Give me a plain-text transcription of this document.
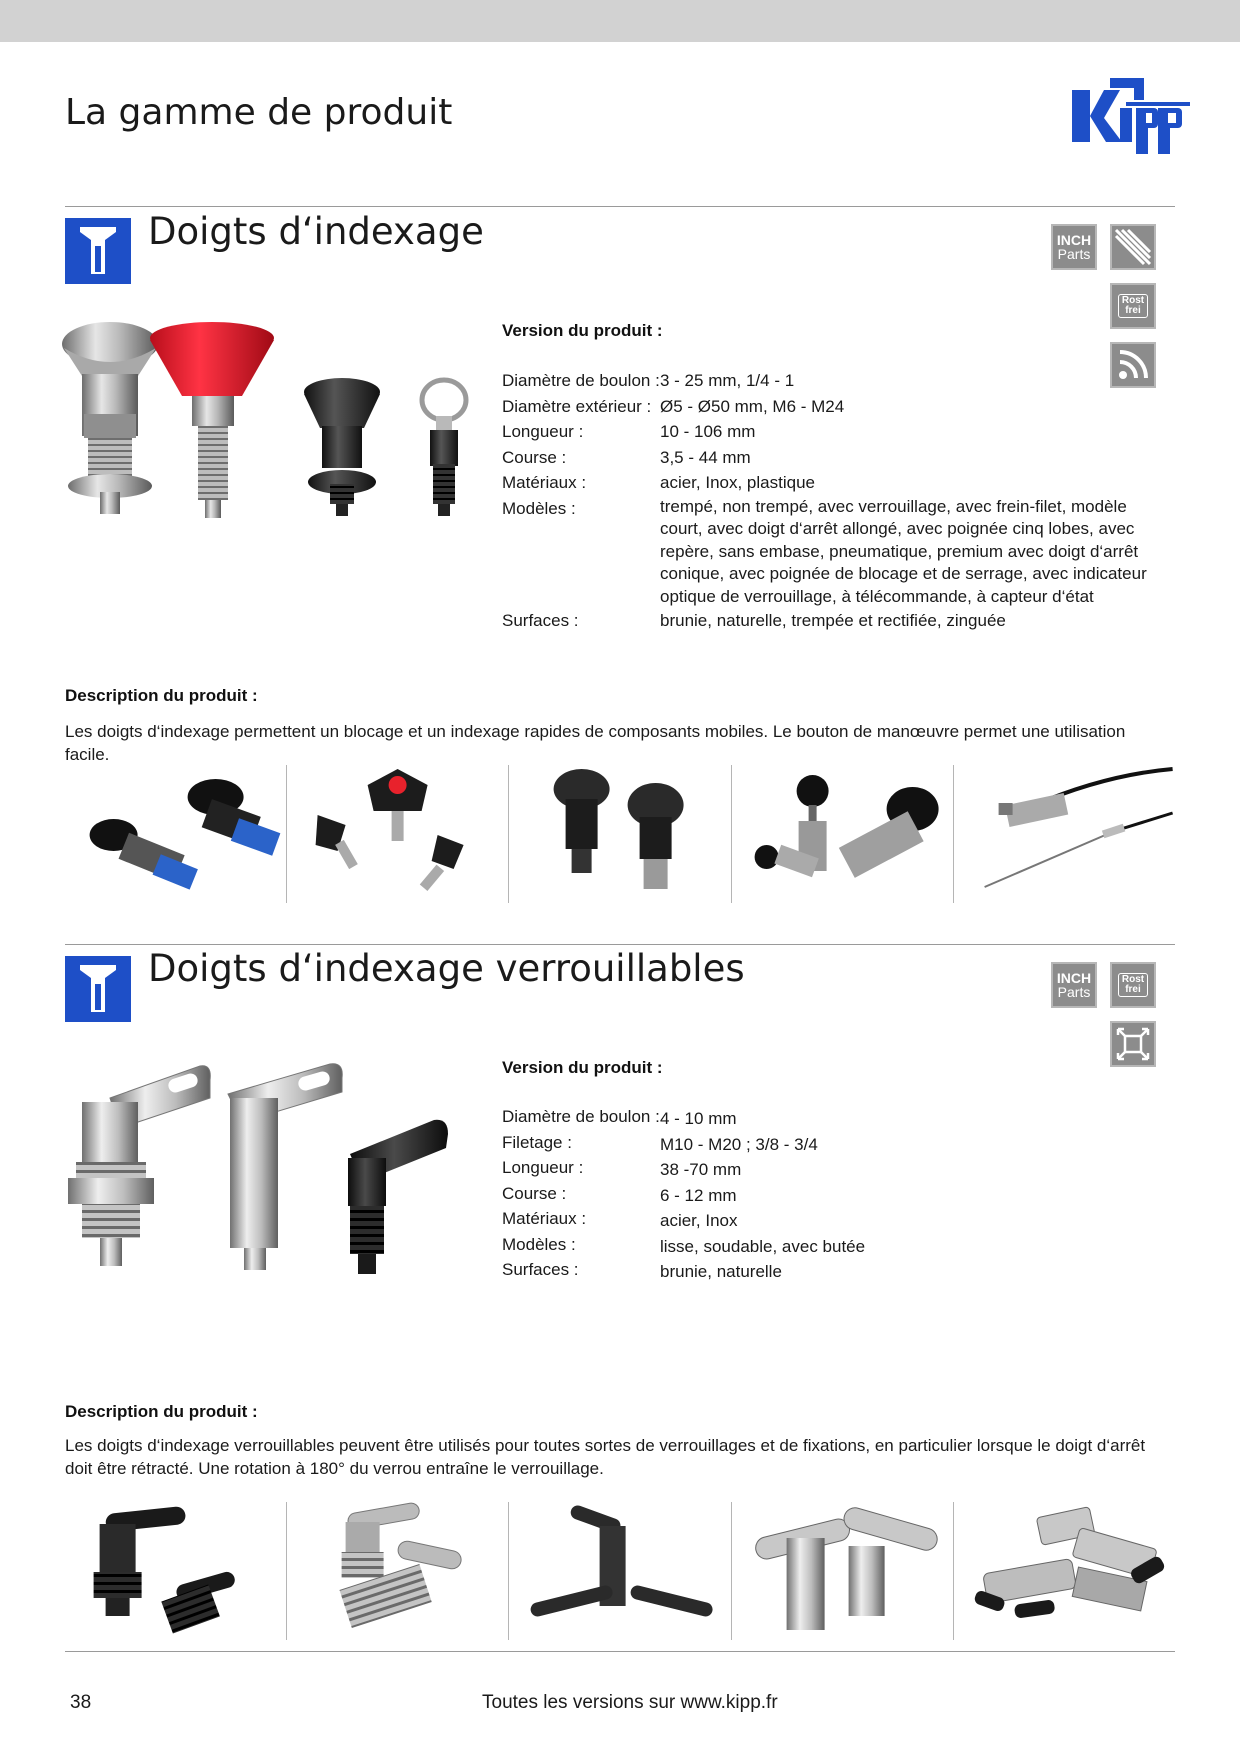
La gamme de produit
Doigts d‘indexage	INCH
Parts
Rost
frei
Version du produit :
Diamètre de boulon :	3 - 25 mm, 1/4 - 1
Diamètre extérieur :	Ø5 - Ø50 mm, M6 - M24
Longueur :	10 - 106 mm
Course :	3,5 - 44 mm
Matériaux :	acier, Inox, plastique
Modèles :	trempé, non trempé, avec verrouillage, avec frein-filet, modèle court, avec doigt d‘arrêt allongé, avec poignée cinq lobes, avec repère, sans embase, pneumatique, premium avec doigt d‘arrêt conique, avec poignée de blocage et de serrage, avec indicateur optique de verrouillage, à télécommande, à capteur d‘état
Surfaces :	brunie, naturelle, trempée et rectifiée, zinguée
Description du produit :

Les doigts d‘indexage permettent un blocage et un indexage rapides de composants mobiles. Le bouton de manœuvre permet une utilisation facile.

Doigts d‘indexage verrouillables	INCH
Parts
Rost
frei
Version du produit :
Diamètre de boulon :	4 - 10 mm
Filetage :	M10 - M20 ; 3/8 - 3/4
Longueur :	38 -70 mm
Course :	6 - 12 mm
Matériaux :	acier, Inox
Modèles :	lisse, soudable, avec butée
Surfaces :	brunie, naturelle
Description du produit :

Les doigts d‘indexage verrouillables peuvent être utilisés pour toutes sortes de verrouillages et de fixations, en particulier lorsque le doigt d‘arrêt doit être rétracté. Une rotation à 180° du verrou entraîne le verrouillage.

38	Toutes les versions sur www.kipp.fr
